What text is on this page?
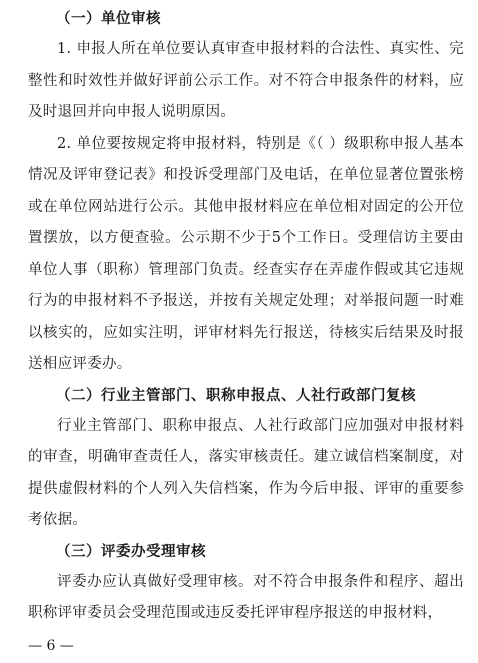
（一）单位审核

1. 申报人所在单位要认真审查申报材料的合法性、真实性、完整性和时效性并做好评前公示工作。对不符合申报条件的材料，应及时退回并向申报人说明原因。

2. 单位要按规定将申报材料，特别是《（ ）级职称申报人基本情况及评审登记表》和投诉受理部门及电话，在单位显著位置张榜或在单位网站进行公示。其他申报材料应在单位相对固定的公开位置摆放，以方便查验。公示期不少于5个工作日。受理信访主要由单位人事（职称）管理部门负责。经查实存在弄虚作假或其它违规行为的申报材料不予报送，并按有关规定处理；对举报问题一时难以核实的，应如实注明，评审材料先行报送，待核实后结果及时报送相应评委办。

（二）行业主管部门、职称申报点、人社行政部门复核

行业主管部门、职称申报点、人社行政部门应加强对申报材料的审查，明确审查责任人，落实审核责任。建立诚信档案制度，对提供虚假材料的个人列入失信档案，作为今后申报、评审的重要参考依据。

（三）评委办受理审核

评委办应认真做好受理审核。对不符合申报条件和程序、超出职称评审委员会受理范围或违反委托评审程序报送的申报材料，

— 6 —
